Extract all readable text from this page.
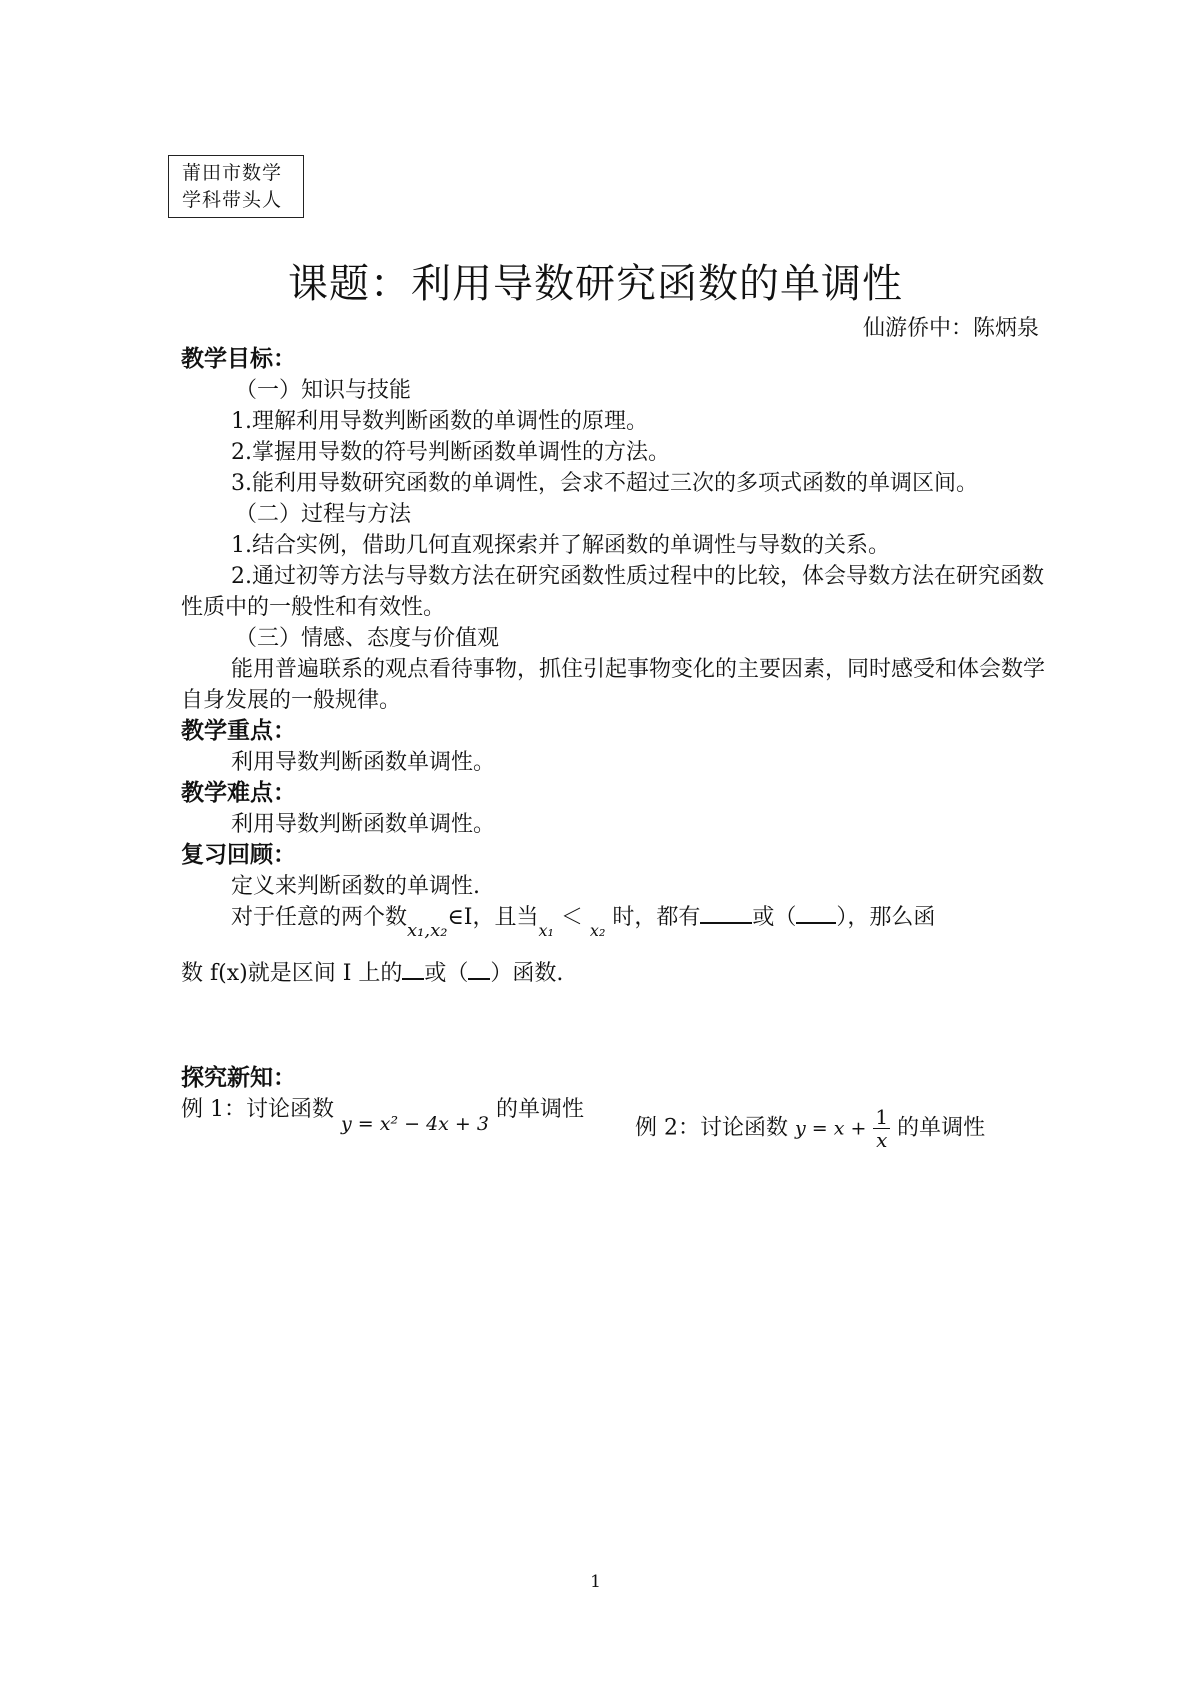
莆田市数学
学科带头人
课题：利用导数研究函数的单调性
仙游侨中：陈炳泉
教学目标：
（一）知识与技能
1.理解利用导数判断函数的单调性的原理。
2.掌握用导数的符号判断函数单调性的方法。
3.能利用导数研究函数的单调性，会求不超过三次的多项式函数的单调区间。
（二）过程与方法
1.结合实例，借助几何直观探索并了解函数的单调性与导数的关系。
2.通过初等方法与导数方法在研究函数性质过程中的比较，体会导数方法在研究函数性质中的一般性和有效性。
（三）情感、态度与价值观
能用普遍联系的观点看待事物，抓住引起事物变化的主要因素，同时感受和体会数学自身发展的一般规律。
教学重点：
利用导数判断函数单调性。
教学难点：
利用导数判断函数单调性。
复习回顾：
定义来判断函数的单调性.
对于任意的两个数$_{x_1,x_2}$∈I，且当$_{x_1}$ ＜ $_{x_2}$ 时，都有 或（ ），那么函
数 f(x)就是区间 I 上的 或（ ）函数.
探究新知：
例 1：讨论函数 y = x² − 4x + 3 的单调性
例 2：讨论函数 $y = x + \frac{1}{x}$ 的单调性
1
